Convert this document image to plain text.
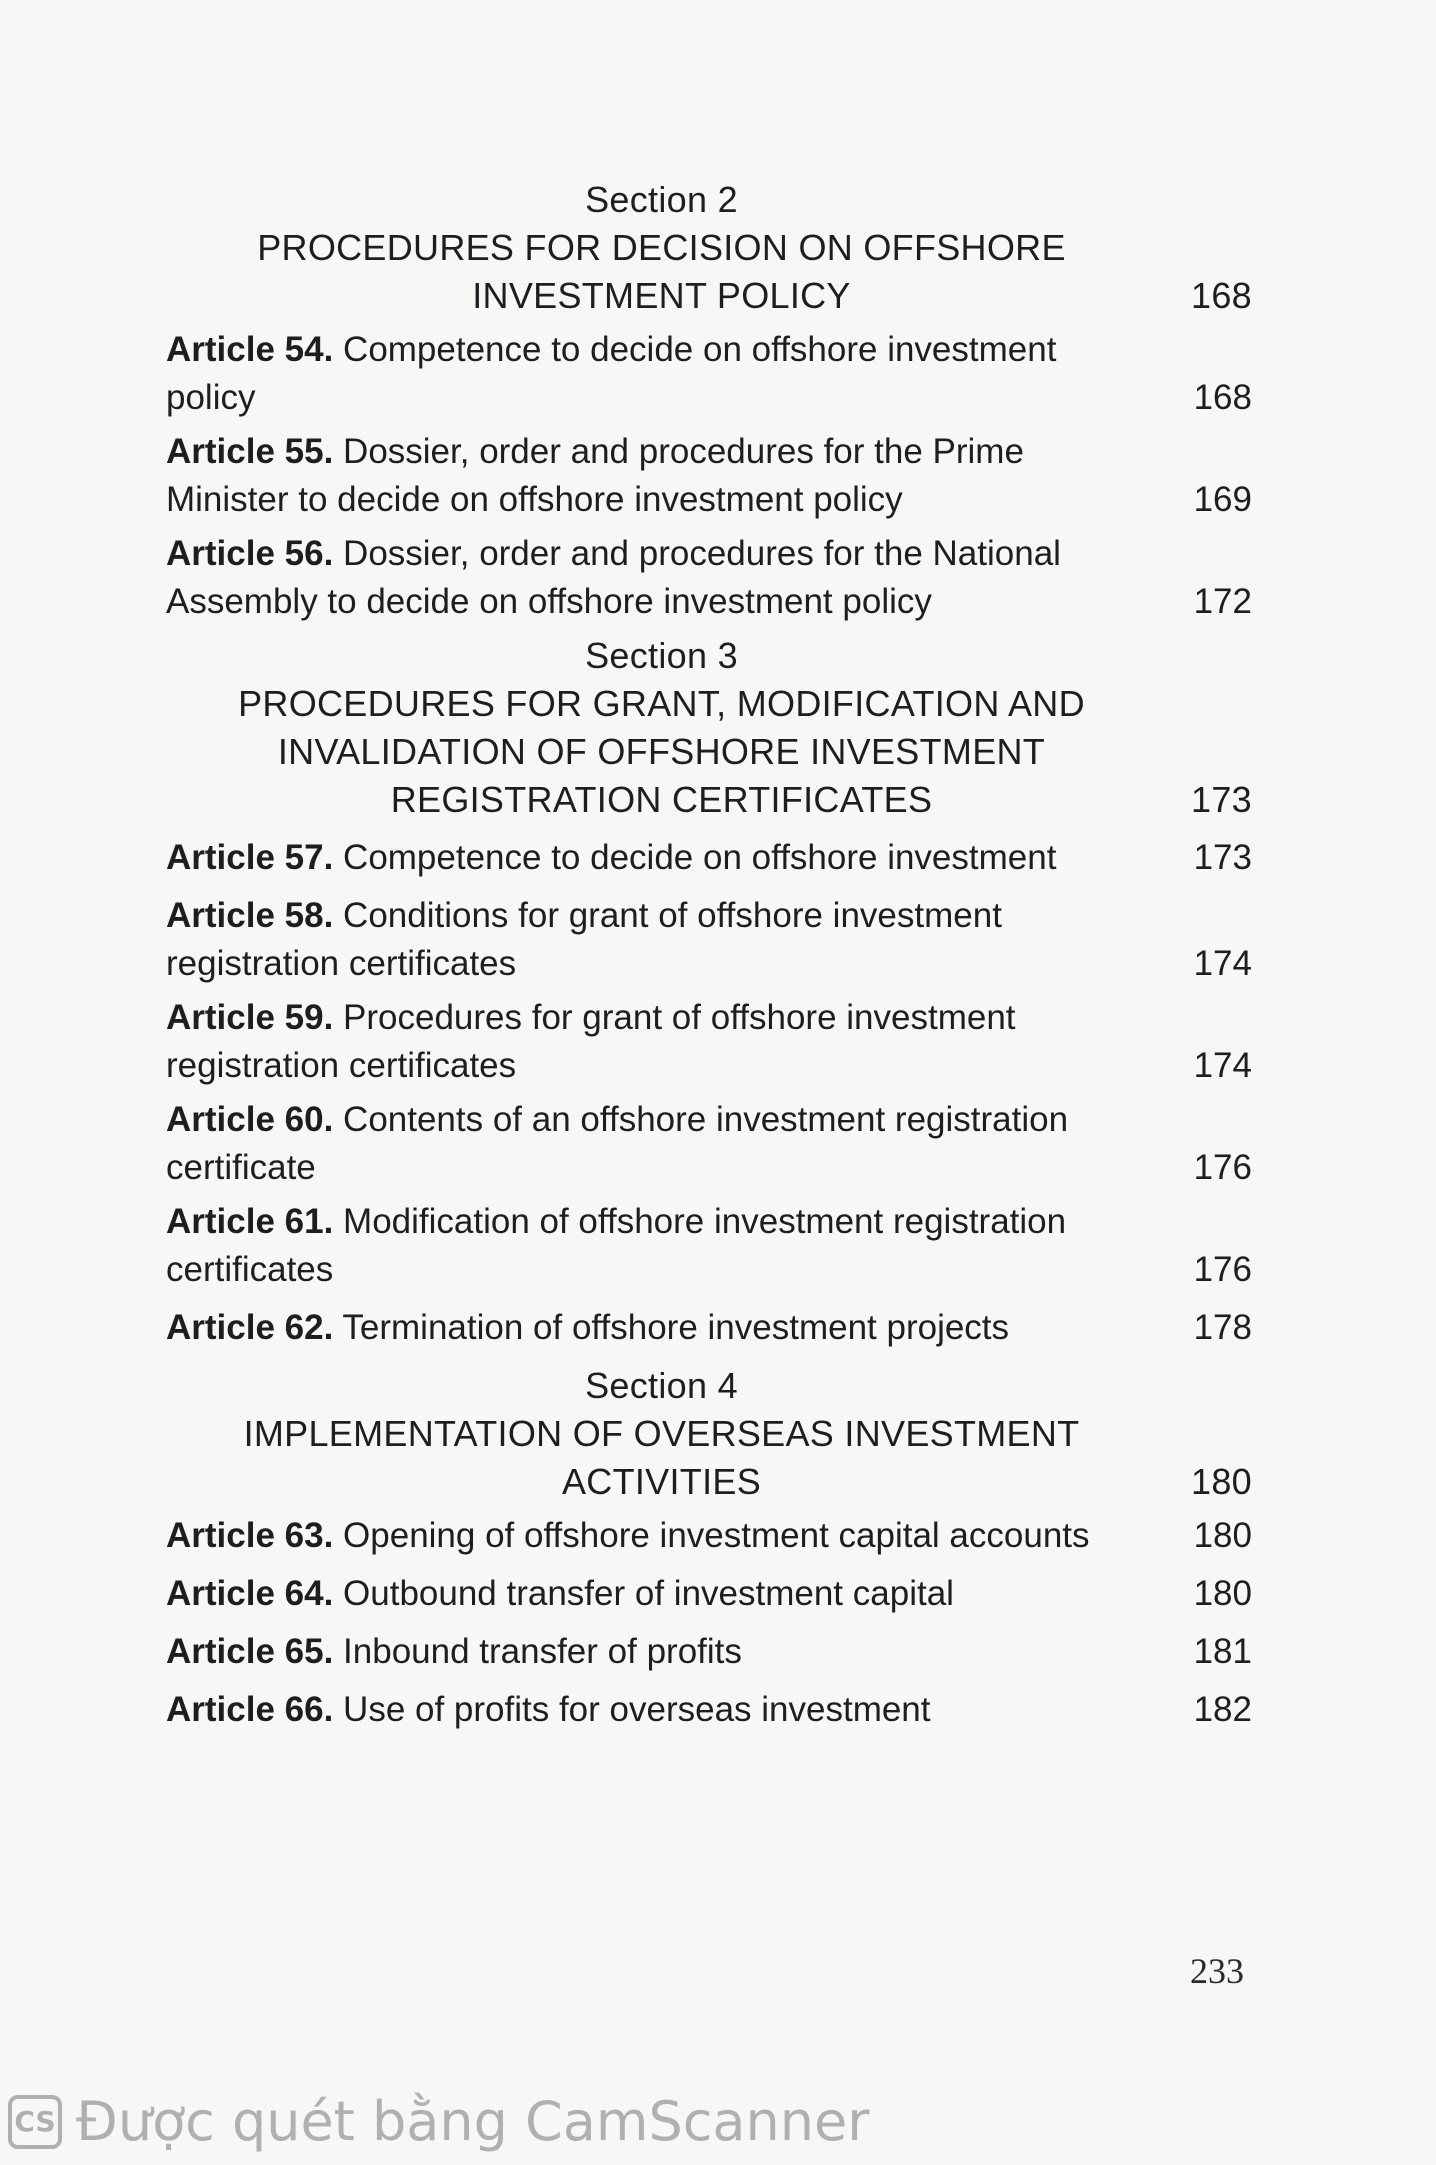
Section 2
PROCEDURES FOR DECISION ON OFFSHORE
INVESTMENT POLICY	168
Article 54. Competence to decide on offshore investment policy	168
Article 55. Dossier, order and procedures for the Prime Minister to decide on offshore investment policy	169
Article 56. Dossier, order and procedures for the National Assembly to decide on offshore investment policy	172
Section 3
PROCEDURES FOR GRANT, MODIFICATION AND
INVALIDATION OF OFFSHORE INVESTMENT
REGISTRATION CERTIFICATES	173
Article 57. Competence to decide on offshore investment	173
Article 58. Conditions for grant of offshore investment registration certificates	174
Article 59. Procedures for grant of offshore investment registration certificates	174
Article 60. Contents of an offshore investment registration certificate	176
Article 61. Modification of offshore investment registration certificates	176
Article 62. Termination of offshore investment projects	178
Section 4
IMPLEMENTATION OF OVERSEAS INVESTMENT
ACTIVITIES	180
Article 63. Opening of offshore investment capital accounts	180
Article 64. Outbound transfer of investment capital	180
Article 65. Inbound transfer of profits	181
Article 66. Use of profits for overseas investment	182
233
CS Được quét bằng CamScanner
